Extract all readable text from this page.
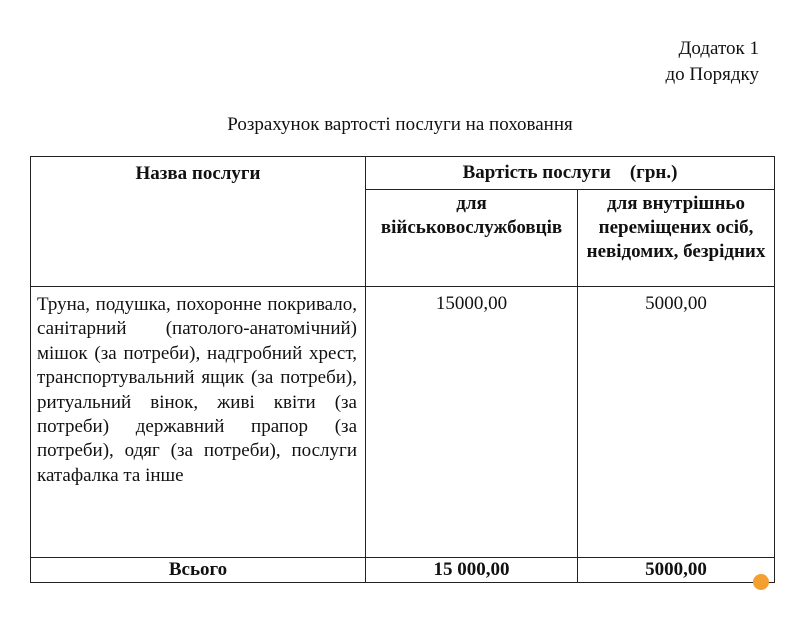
Додаток 1
до Порядку
Розрахунок вартості послуги на поховання
Назва послуги	Вартість послуги    (грн.)	
	для військовослужбовців	для внутрішньо переміщених осіб, невідомих, безрідних
Труна, подушка, похоронне покривало, санітарний (патолого-анатомічний) мішок (за потреби), надгробний хрест, транспортувальний ящик (за потреби), ритуальний вінок, живі квіти (за потреби) державний прапор (за потреби), одяг (за потреби), послуги катафалка та інше	15000,00	5000,00
Всього	15 000,00	5000,00
